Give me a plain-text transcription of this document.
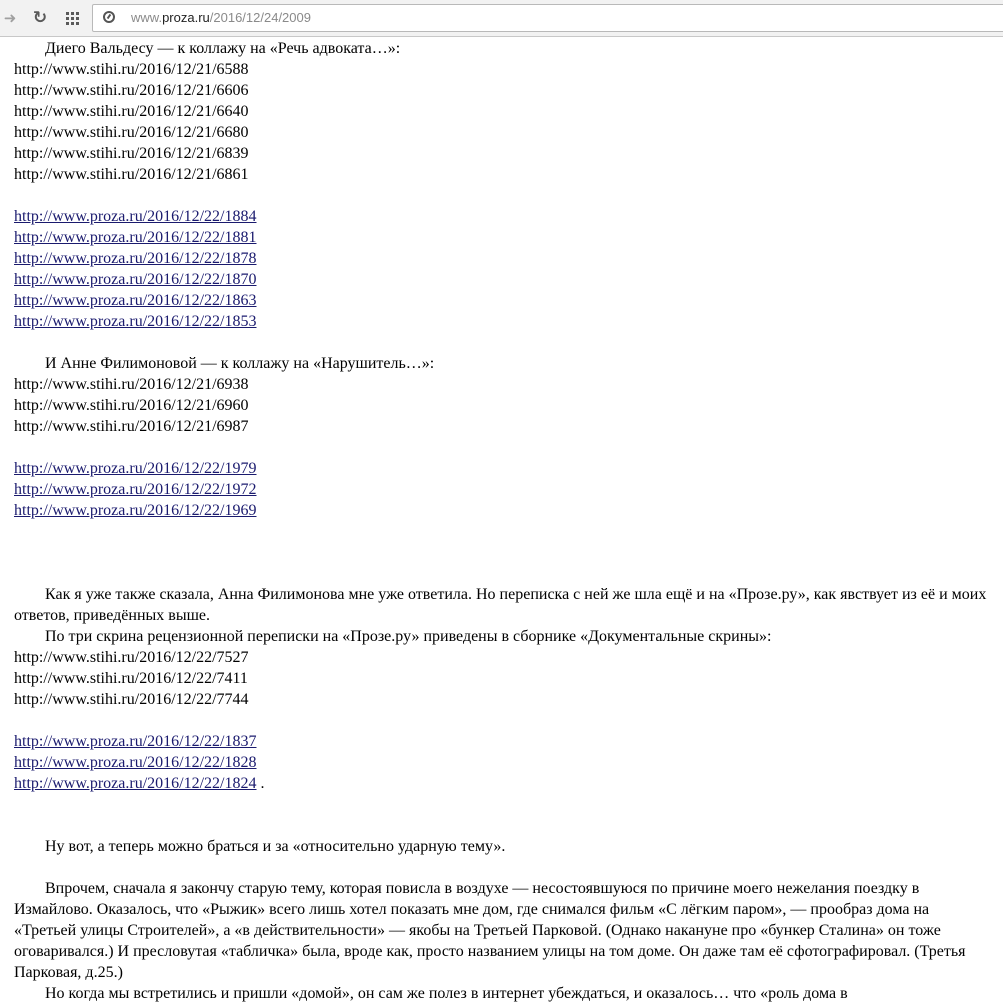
➜ ↻	www.proza.ru/2016/12/24/2009

Диего Вальдесу — к коллажу на «Речь адвоката…»:

http://www.stihi.ru/2016/12/21/6588

http://www.stihi.ru/2016/12/21/6606

http://www.stihi.ru/2016/12/21/6640

http://www.stihi.ru/2016/12/21/6680

http://www.stihi.ru/2016/12/21/6839

http://www.stihi.ru/2016/12/21/6861

http://www.proza.ru/2016/12/22/1884

http://www.proza.ru/2016/12/22/1881

http://www.proza.ru/2016/12/22/1878

http://www.proza.ru/2016/12/22/1870

http://www.proza.ru/2016/12/22/1863

http://www.proza.ru/2016/12/22/1853

И Анне Филимоновой — к коллажу на «Нарушитель…»:

http://www.stihi.ru/2016/12/21/6938

http://www.stihi.ru/2016/12/21/6960

http://www.stihi.ru/2016/12/21/6987

http://www.proza.ru/2016/12/22/1979

http://www.proza.ru/2016/12/22/1972

http://www.proza.ru/2016/12/22/1969

Как я уже также сказала, Анна Филимонова мне уже ответила. Но переписка с ней же шла ещё и на «Прозе.ру», как явствует из её и моих ответов, приведённых выше.

По три скрина рецензионной переписки на «Прозе.ру» приведены в сборнике «Документальные скрины»:

http://www.stihi.ru/2016/12/22/7527

http://www.stihi.ru/2016/12/22/7411

http://www.stihi.ru/2016/12/22/7744

http://www.proza.ru/2016/12/22/1837

http://www.proza.ru/2016/12/22/1828

http://www.proza.ru/2016/12/22/1824 .

Ну вот, а теперь можно браться и за «относительно ударную тему».

Впрочем, сначала я закончу старую тему, которая повисла в воздухе — несостоявшуюся по причине моего нежелания поездку в Измайлово. Оказалось, что «Рыжик» всего лишь хотел показать мне дом, где снимался фильм «С лёгким паром», — прообраз дома на «Третьей улицы Строителей», а «в действительности» — якобы на Третьей Парковой. (Однако накануне про «бункер Сталина» он тоже оговаривался.) И пресловутая «табличка» была, вроде как, просто названием улицы на том доме. Он даже там её сфотографировал. (Третья Парковая, д.25.)

Но когда мы встретились и пришли «домой», он сам же полез в интернет убеждаться, и оказалось… что «роль дома в
